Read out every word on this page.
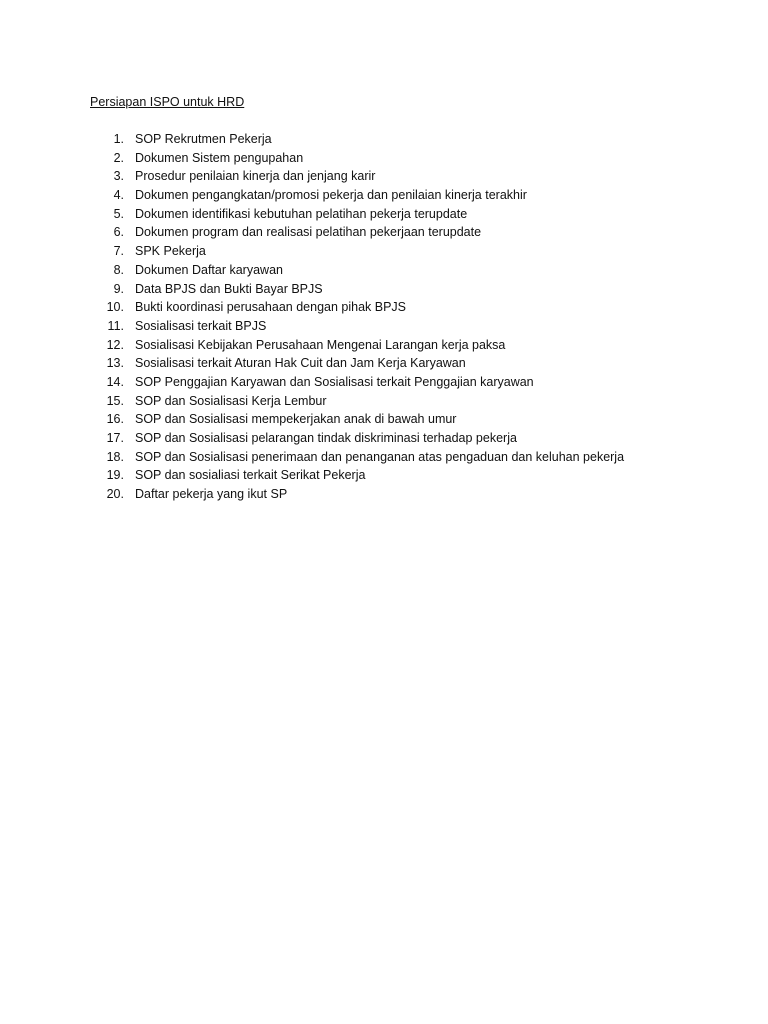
Persiapan ISPO untuk HRD
1. SOP Rekrutmen Pekerja
2. Dokumen Sistem pengupahan
3. Prosedur penilaian kinerja dan jenjang karir
4. Dokumen pengangkatan/promosi pekerja dan penilaian kinerja terakhir
5. Dokumen identifikasi kebutuhan pelatihan pekerja terupdate
6. Dokumen program dan realisasi pelatihan pekerjaan terupdate
7. SPK Pekerja
8. Dokumen Daftar karyawan
9. Data BPJS dan Bukti Bayar BPJS
10. Bukti koordinasi perusahaan dengan pihak BPJS
11. Sosialisasi terkait BPJS
12. Sosialisasi Kebijakan Perusahaan Mengenai Larangan kerja paksa
13. Sosialisasi terkait Aturan Hak Cuit dan Jam Kerja Karyawan
14. SOP Penggajian Karyawan dan Sosialisasi terkait Penggajian karyawan
15. SOP dan Sosialisasi Kerja Lembur
16. SOP dan Sosialisasi mempekerjakan anak di bawah umur
17. SOP dan Sosialisasi pelarangan tindak diskriminasi terhadap pekerja
18. SOP dan Sosialisasi penerimaan dan penanganan atas pengaduan dan keluhan pekerja
19. SOP dan sosialiasi terkait Serikat Pekerja
20. Daftar pekerja yang ikut SP
